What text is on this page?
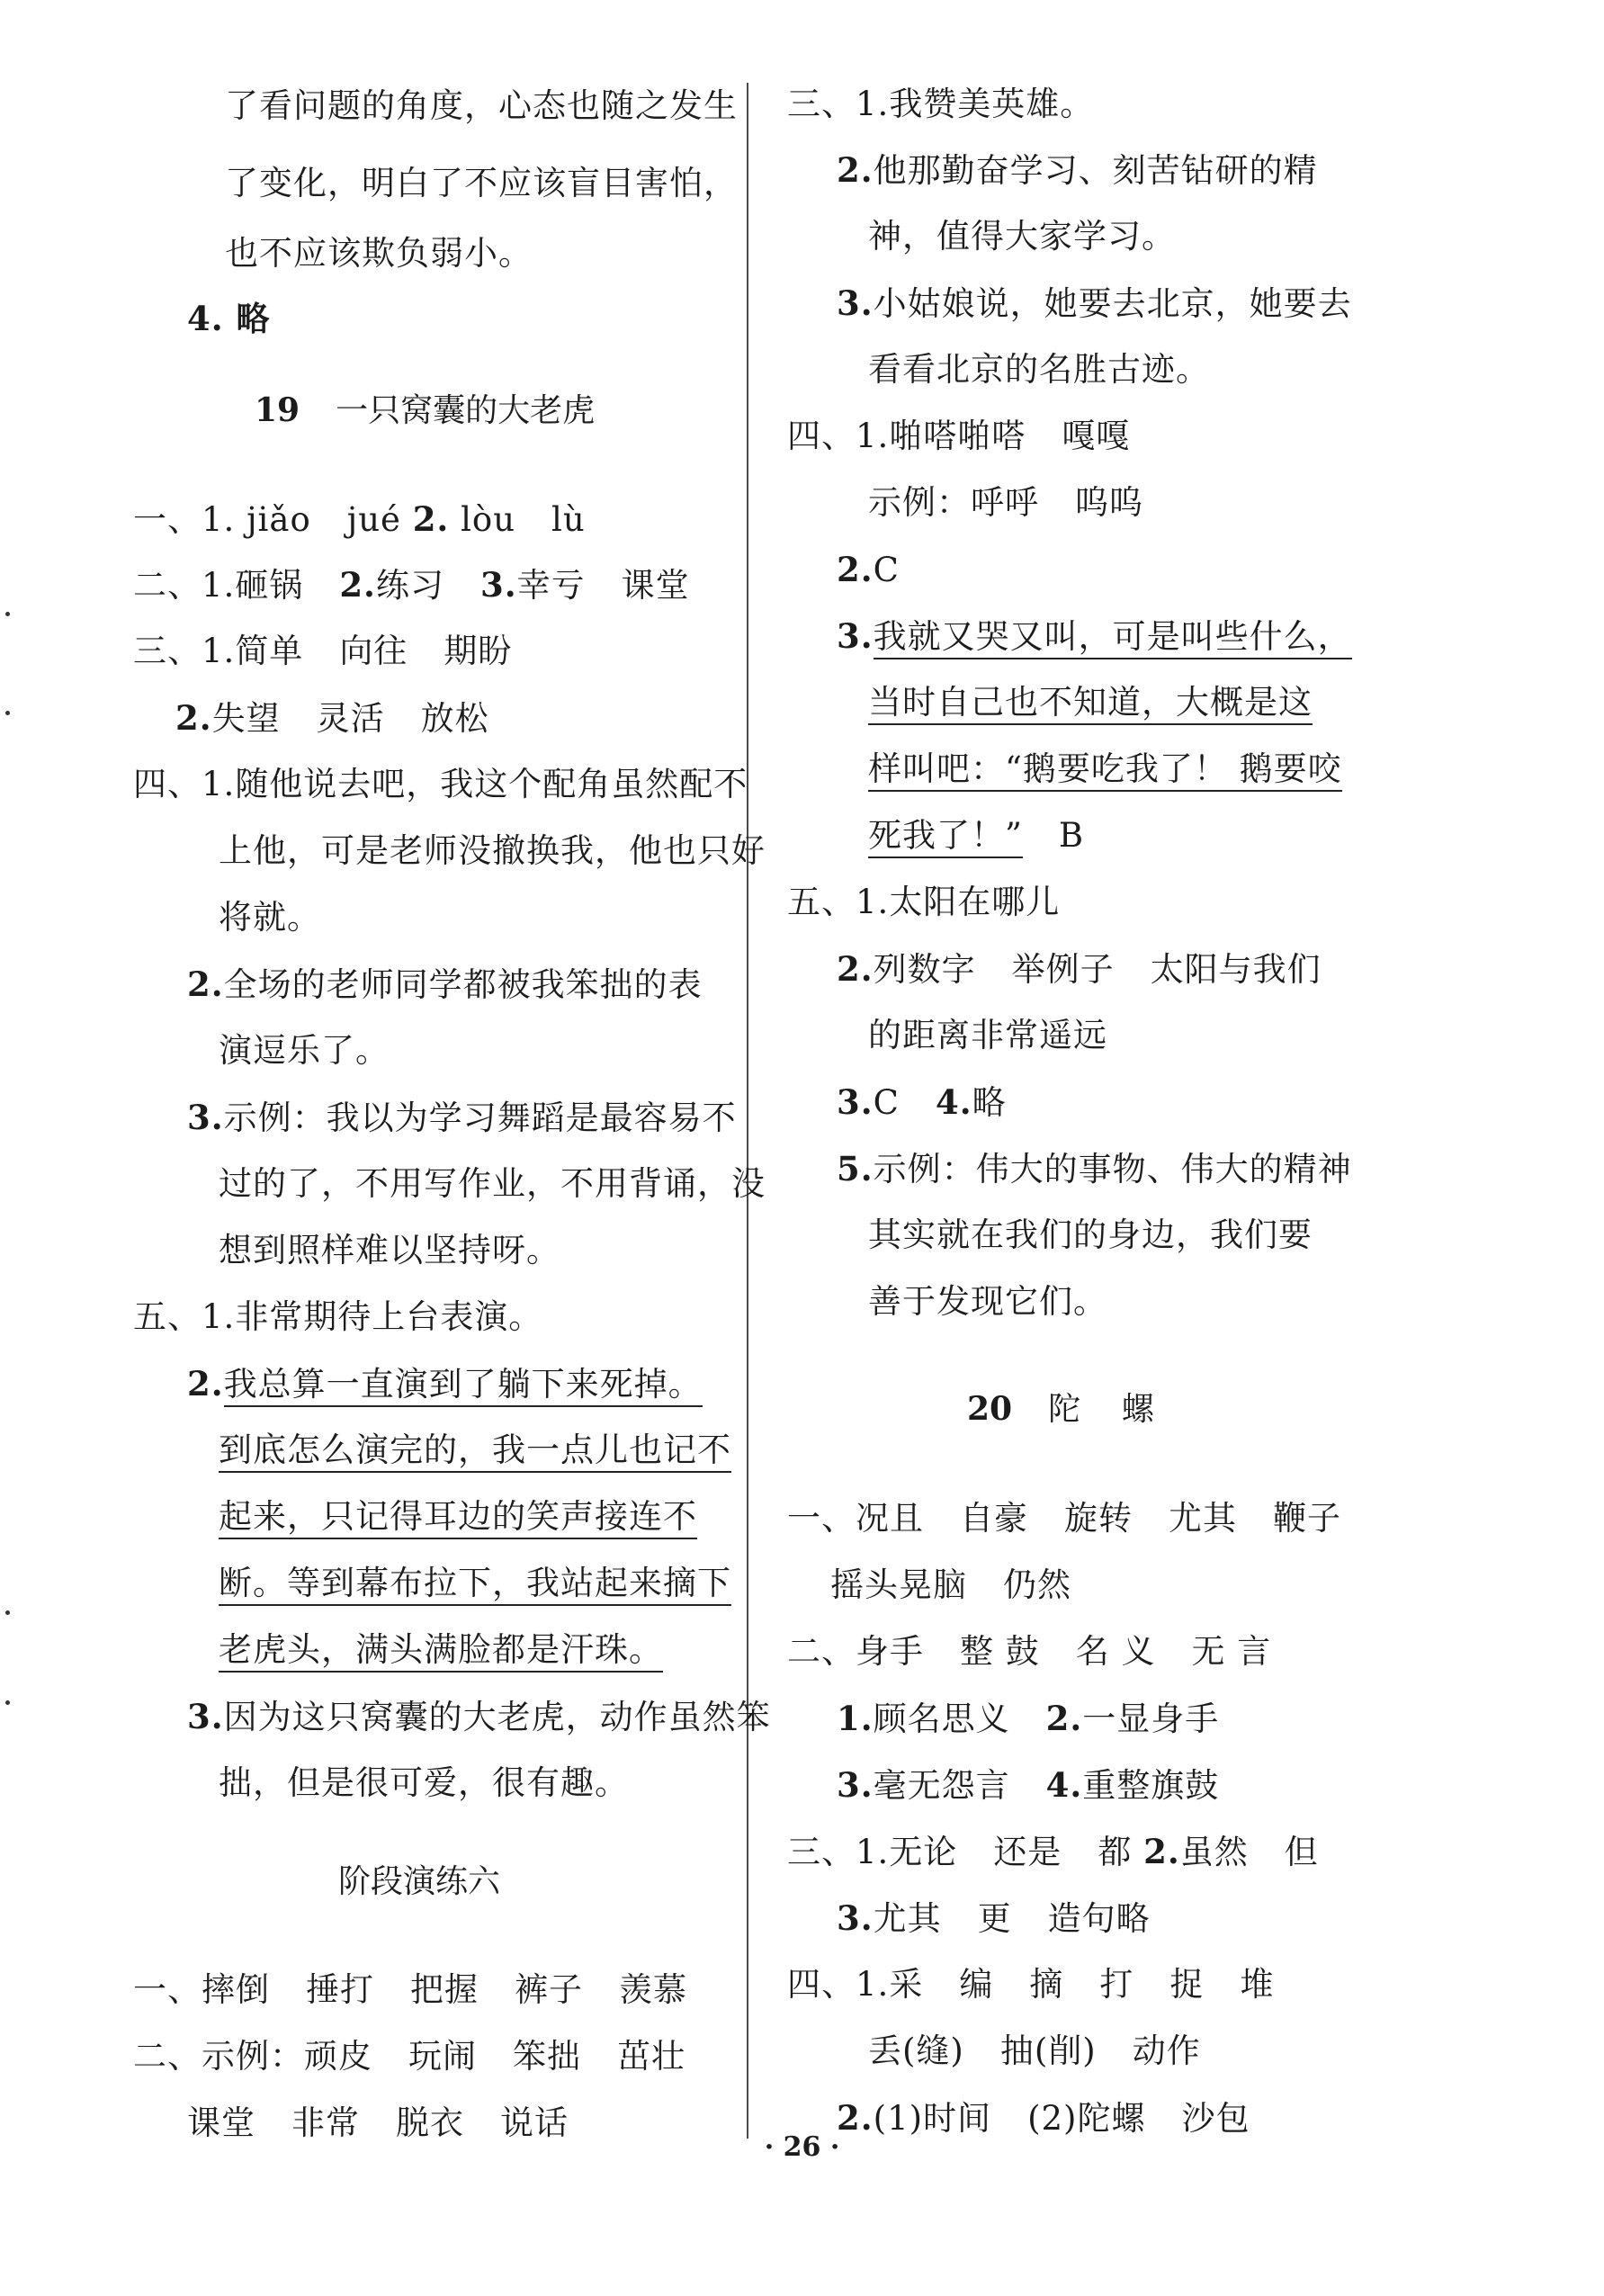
了看问题的角度，心态也随之发生
了变化，明白了不应该盲目害怕，
也不应该欺负弱小。
4. 略
19 一只窝囊的大老虎
一、1. jiǎo jué 2. lòu lù
二、1.砸锅 2.练习 3.幸亏 课堂
三、1.简单 向往 期盼
2.失望 灵活 放松
四、1.随他说去吧，我这个配角虽然配不
上他，可是老师没撤换我，他也只好
将就。
2.全场的老师同学都被我笨拙的表
演逗乐了。
3.示例：我以为学习舞蹈是最容易不
过的了，不用写作业，不用背诵，没
想到照样难以坚持呀。
五、1.非常期待上台表演。
2.我总算一直演到了躺下来死掉。
到底怎么演完的，我一点儿也记不
起来，只记得耳边的笑声接连不
断。等到幕布拉下，我站起来摘下
老虎头，满头满脸都是汗珠。
3.因为这只窝囊的大老虎，动作虽然笨
拙，但是很可爱，很有趣。
阶段演练六
一、摔倒 捶打 把握 裤子 羡慕
二、示例：顽皮 玩闹 笨拙 茁壮
课堂 非常 脱衣 说话
三、1.我赞美英雄。
2.他那勤奋学习、刻苦钻研的精
神，值得大家学习。
3.小姑娘说，她要去北京，她要去
看看北京的名胜古迹。
四、1.啪嗒啪嗒 嘎嘎
示例：呼呼 呜呜
2.C
3.我就又哭又叫，可是叫些什么，
当时自己也不知道，大概是这
样叫吧：“鹅要吃我了！ 鹅要咬
死我了！” B
五、1.太阳在哪儿
2.列数字 举例子 太阳与我们
的距离非常遥远
3.C 4.略
5.示例：伟大的事物、伟大的精神
其实就在我们的身边，我们要
善于发现它们。
20 陀    螺
一、况且 自豪 旋转 尤其 鞭子
摇头晃脑 仍然
二、身手 整 鼓 名 义 无 言
1.顾名思义 2.一显身手
3.毫无怨言 4.重整旗鼓
三、1.无论 还是 都 2.虽然 但
3.尤其 更 造句略
四、1.采 编 摘 打 捉 堆
丢(缝) 抽(削) 动作
2.(1)时间 (2)陀螺 沙包
· 26 ·
